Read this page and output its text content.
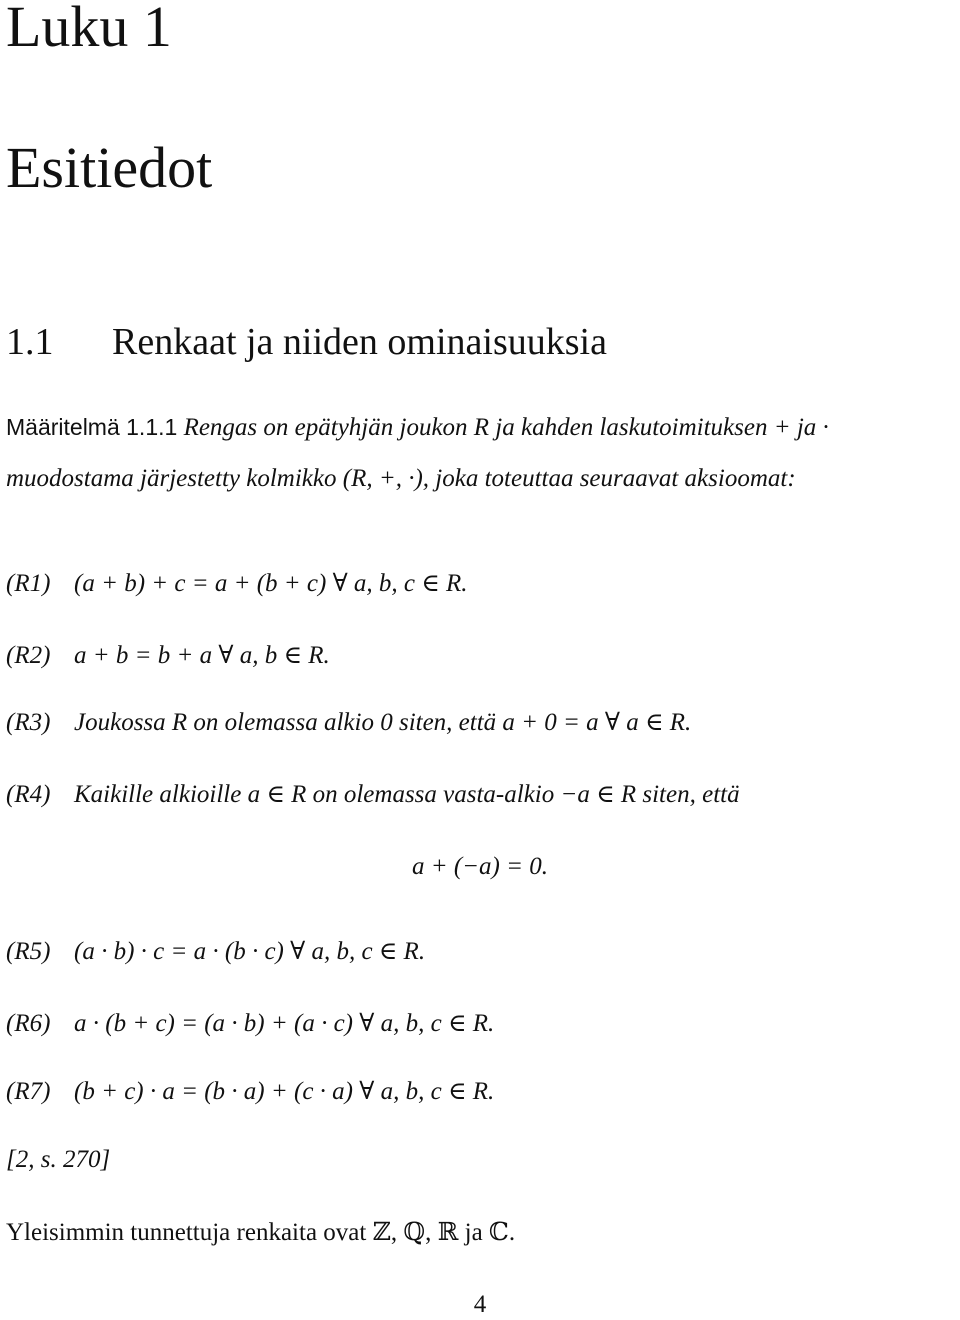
Luku 1
Esitiedot
1.1 Renkaat ja niiden ominaisuuksia
Määritelmä 1.1.1 Rengas on epätyhjän joukon R ja kahden laskutoimituksen + ja · muodostama järjestetty kolmikko (R, +, ·), joka toteuttaa seuraavat aksioomat:
(R1) (a + b) + c = a + (b + c) ∀ a, b, c ∈ R.
(R2) a + b = b + a ∀ a, b ∈ R.
(R3) Joukossa R on olemassa alkio 0 siten, että a + 0 = a ∀ a ∈ R.
(R4) Kaikille alkioille a ∈ R on olemassa vasta-alkio −a ∈ R siten, että
a + (−a) = 0.
(R5) (a · b) · c = a · (b · c) ∀ a, b, c ∈ R.
(R6) a · (b + c) = (a · b) + (a · c) ∀ a, b, c ∈ R.
(R7) (b + c) · a = (b · a) + (c · a) ∀ a, b, c ∈ R.
[2, s. 270]
Yleisimmin tunnettuja renkaita ovat ℤ, ℚ, ℝ ja ℂ.
4
